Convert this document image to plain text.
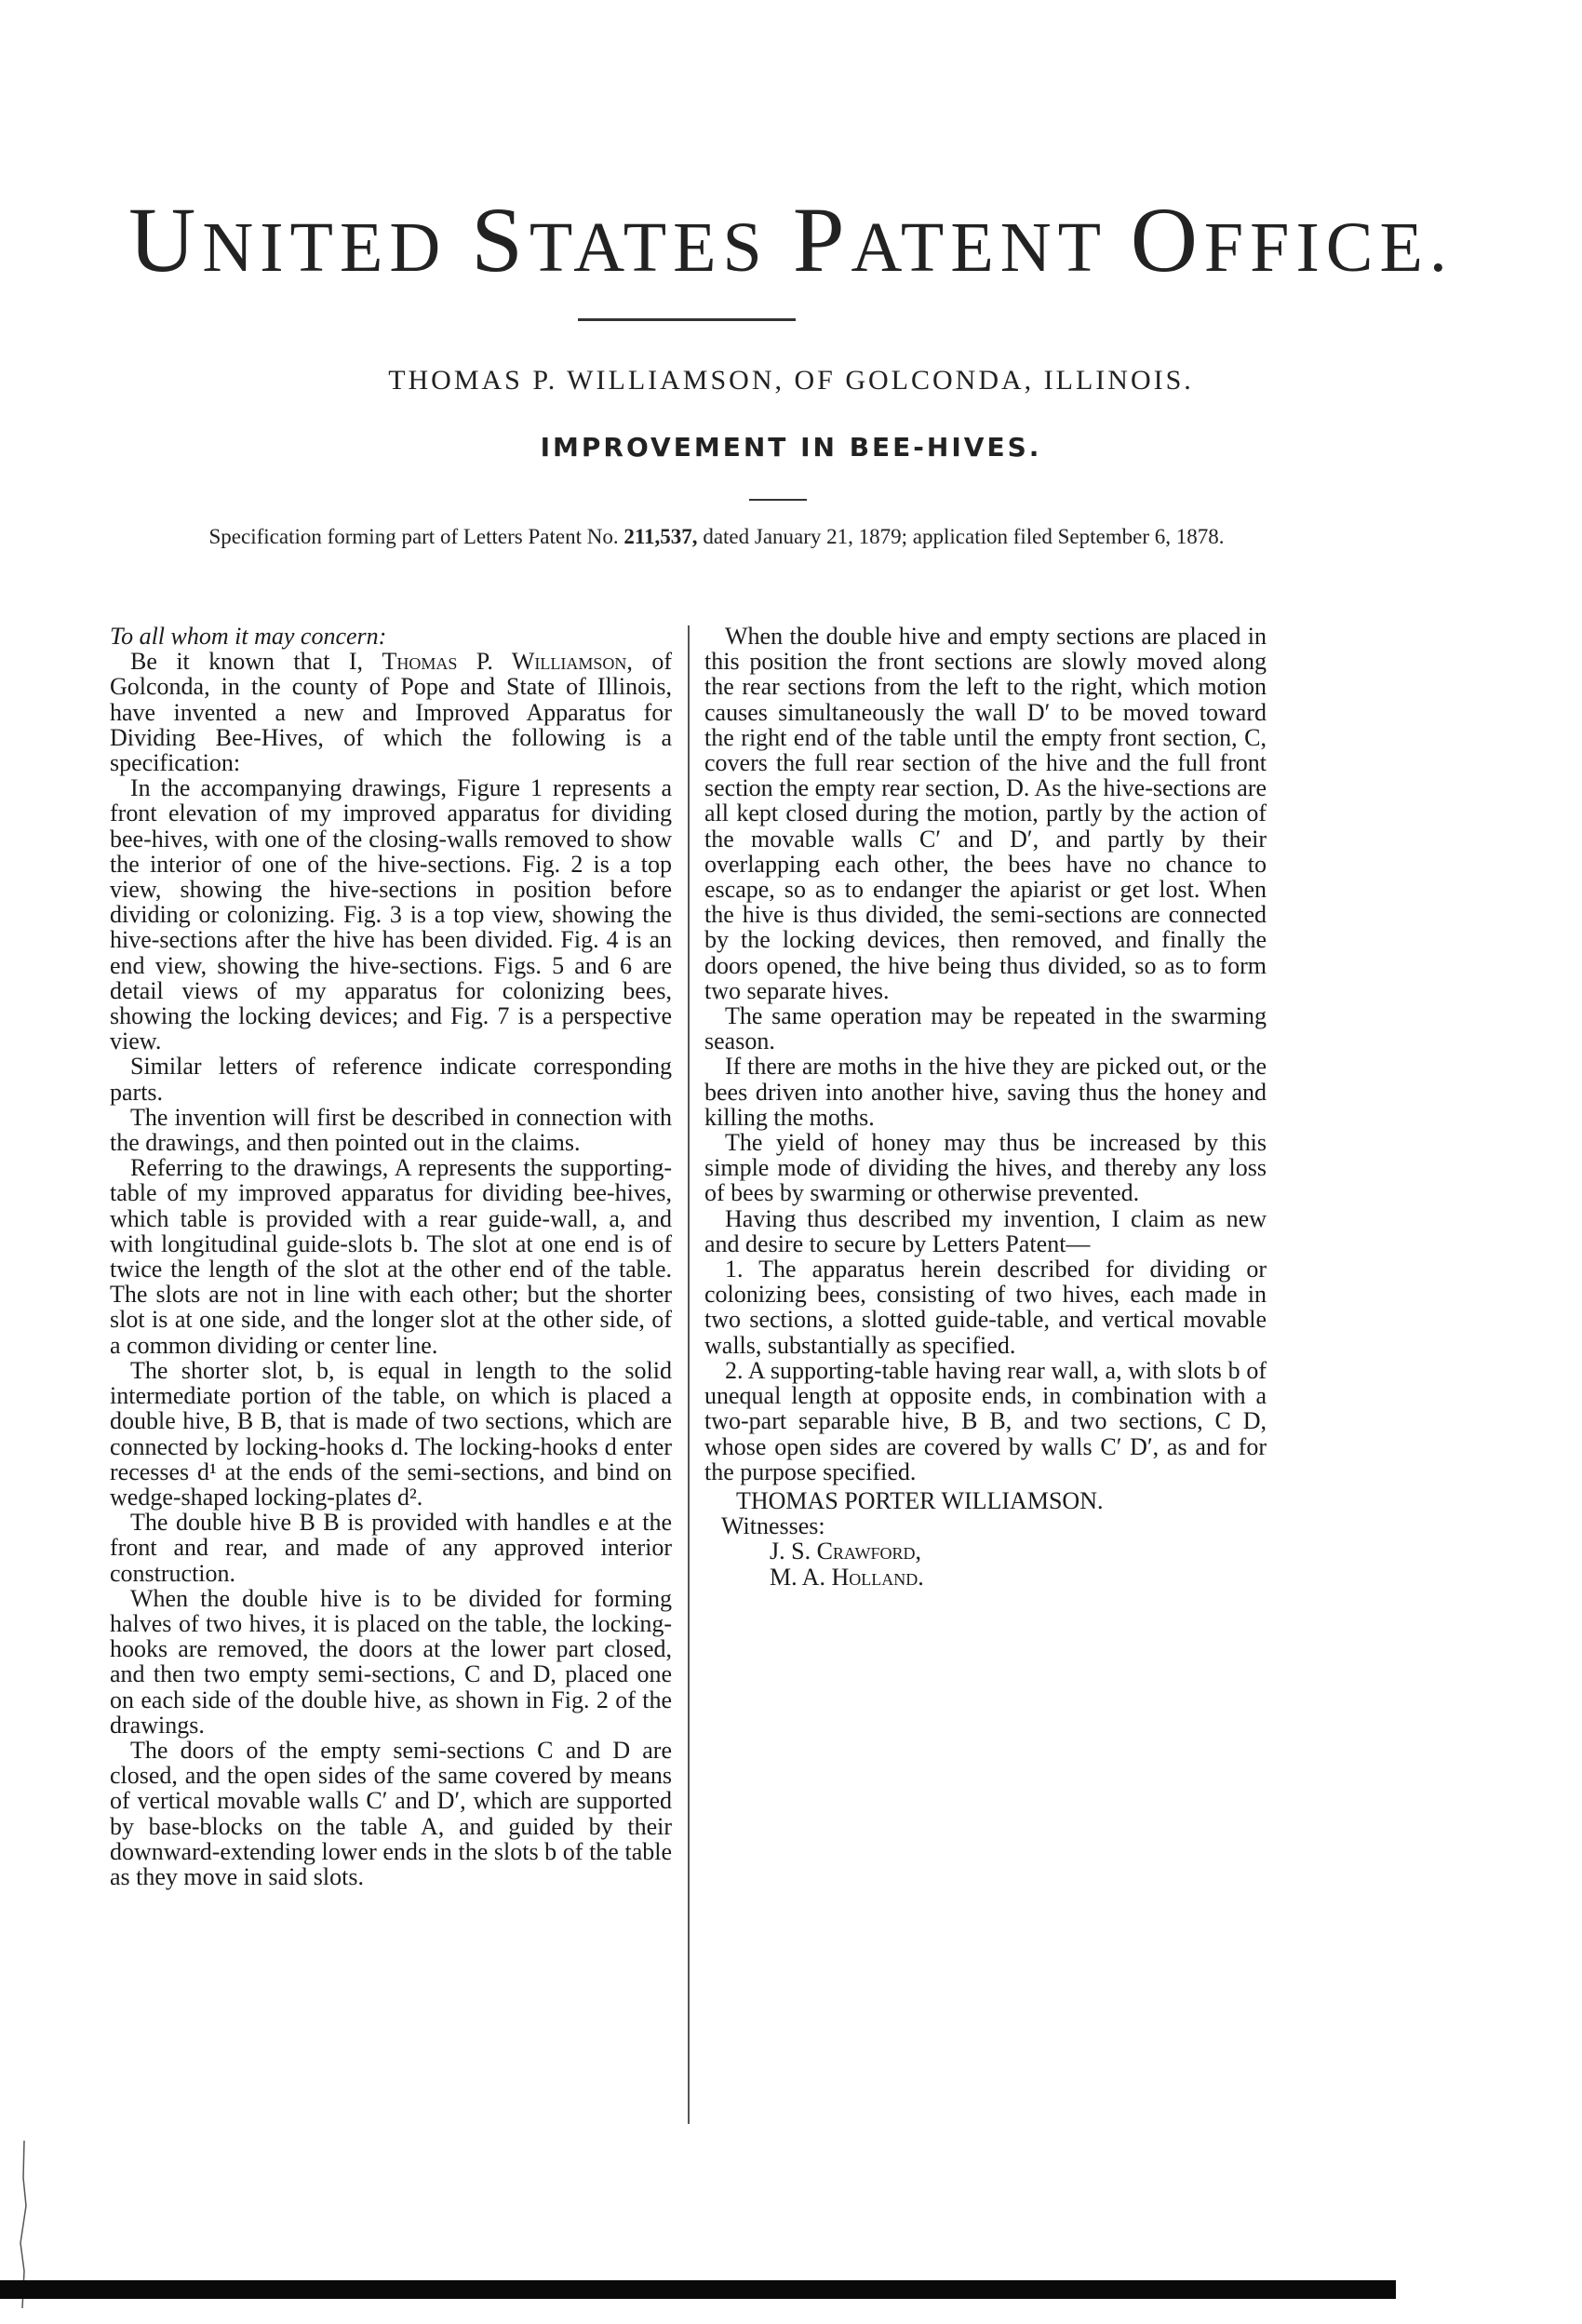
UNITED STATES PATENT OFFICE.
THOMAS P. WILLIAMSON, OF GOLCONDA, ILLINOIS.
IMPROVEMENT IN BEE-HIVES.
Specification forming part of Letters Patent No. 211,537, dated January 21, 1879; application filed September 6, 1878.

To all whom it may concern:

Be it known that I, Thomas P. Williamson, of Golconda, in the county of Pope and State of Illinois, have invented a new and Improved Apparatus for Dividing Bee-Hives, of which the following is a specification:

In the accompanying drawings, Figure 1 represents a front elevation of my improved apparatus for dividing bee-hives, with one of the closing-walls removed to show the interior of one of the hive-sections. Fig. 2 is a top view, showing the hive-sections in position before dividing or colonizing. Fig. 3 is a top view, showing the hive-sections after the hive has been divided. Fig. 4 is an end view, showing the hive-sections. Figs. 5 and 6 are detail views of my apparatus for colonizing bees, showing the locking devices; and Fig. 7 is a perspective view.

Similar letters of reference indicate corresponding parts.

The invention will first be described in connection with the drawings, and then pointed out in the claims.

Referring to the drawings, A represents the supporting-table of my improved apparatus for dividing bee-hives, which table is provided with a rear guide-wall, a, and with longitudinal guide-slots b. The slot at one end is of twice the length of the slot at the other end of the table. The slots are not in line with each other; but the shorter slot is at one side, and the longer slot at the other side, of a common dividing or center line.

The shorter slot, b, is equal in length to the solid intermediate portion of the table, on which is placed a double hive, B B, that is made of two sections, which are connected by locking-hooks d. The locking-hooks d enter recesses d¹ at the ends of the semi-sections, and bind on wedge-shaped locking-plates d².

The double hive B B is provided with handles e at the front and rear, and made of any approved interior construction.

When the double hive is to be divided for forming halves of two hives, it is placed on the table, the locking-hooks are removed, the doors at the lower part closed, and then two empty semi-sections, C and D, placed one on each side of the double hive, as shown in Fig. 2 of the drawings.

The doors of the empty semi-sections C and D are closed, and the open sides of the same covered by means of vertical movable walls C′ and D′, which are supported by base-blocks on the table A, and guided by their downward-extending lower ends in the slots b of the table as they move in said slots.

When the double hive and empty sections are placed in this position the front sections are slowly moved along the rear sections from the left to the right, which motion causes simultaneously the wall D′ to be moved toward the right end of the table until the empty front section, C, covers the full rear section of the hive and the full front section the empty rear section, D. As the hive-sections are all kept closed during the motion, partly by the action of the movable walls C′ and D′, and partly by their overlapping each other, the bees have no chance to escape, so as to endanger the apiarist or get lost. When the hive is thus divided, the semi-sections are connected by the locking devices, then removed, and finally the doors opened, the hive being thus divided, so as to form two separate hives.

The same operation may be repeated in the swarming season.

If there are moths in the hive they are picked out, or the bees driven into another hive, saving thus the honey and killing the moths.

The yield of honey may thus be increased by this simple mode of dividing the hives, and thereby any loss of bees by swarming or otherwise prevented.

Having thus described my invention, I claim as new and desire to secure by Letters Patent—

1. The apparatus herein described for dividing or colonizing bees, consisting of two hives, each made in two sections, a slotted guide-table, and vertical movable walls, substantially as specified.

2. A supporting-table having rear wall, a, with slots b of unequal length at opposite ends, in combination with a two-part separable hive, B B, and two sections, C D, whose open sides are covered by walls C′ D′, as and for the purpose specified.

THOMAS PORTER WILLIAMSON.

Witnesses:

J. S. Crawford,

M. A. Holland.
